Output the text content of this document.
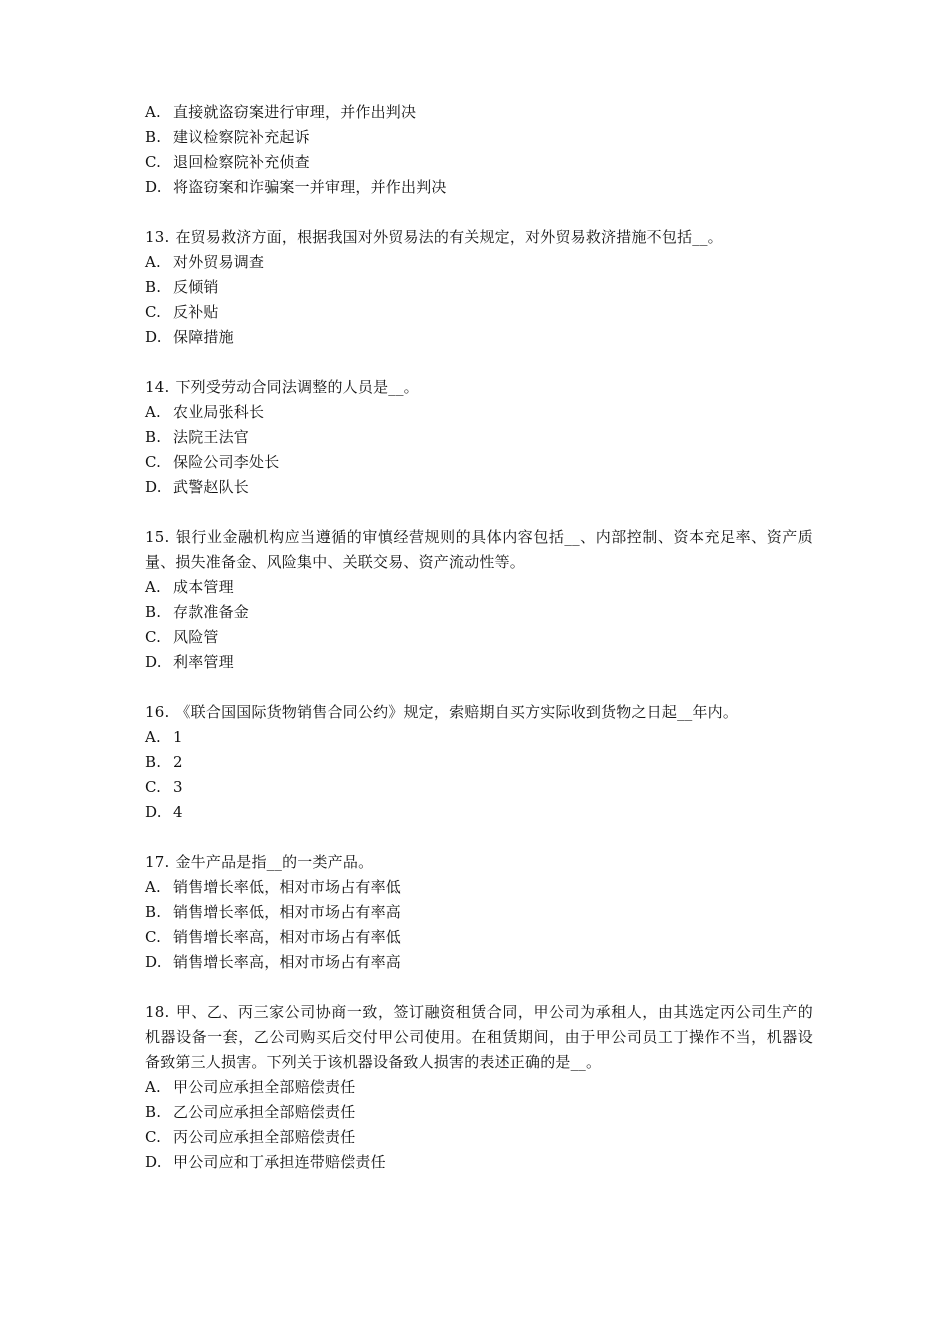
A. 直接就盗窃案进行审理，并作出判决
B. 建议检察院补充起诉
C. 退回检察院补充侦查
D. 将盗窃案和诈骗案一并审理，并作出判决
13. 在贸易救济方面，根据我国对外贸易法的有关规定，对外贸易救济措施不包括__。
A. 对外贸易调查
B. 反倾销
C. 反补贴
D. 保障措施
14. 下列受劳动合同法调整的人员是__。
A. 农业局张科长
B. 法院王法官
C. 保险公司李处长
D. 武警赵队长
15. 银行业金融机构应当遵循的审慎经营规则的具体内容包括__、内部控制、资本充足率、资产质量、损失准备金、风险集中、关联交易、资产流动性等。
A. 成本管理
B. 存款准备金
C. 风险管
D. 利率管理
16. 《联合国国际货物销售合同公约》规定，索赔期自买方实际收到货物之日起__年内。
A. 1
B. 2
C. 3
D. 4
17. 金牛产品是指__的一类产品。
A. 销售增长率低，相对市场占有率低
B. 销售增长率低，相对市场占有率高
C. 销售增长率高，相对市场占有率低
D. 销售增长率高，相对市场占有率高
18. 甲、乙、丙三家公司协商一致，签订融资租赁合同，甲公司为承租人，由其选定丙公司生产的机器设备一套，乙公司购买后交付甲公司使用。在租赁期间，由于甲公司员工丁操作不当，机器设备致第三人损害。下列关于该机器设备致人损害的表述正确的是__。
A. 甲公司应承担全部赔偿责任
B. 乙公司应承担全部赔偿责任
C. 丙公司应承担全部赔偿责任
D. 甲公司应和丁承担连带赔偿责任
